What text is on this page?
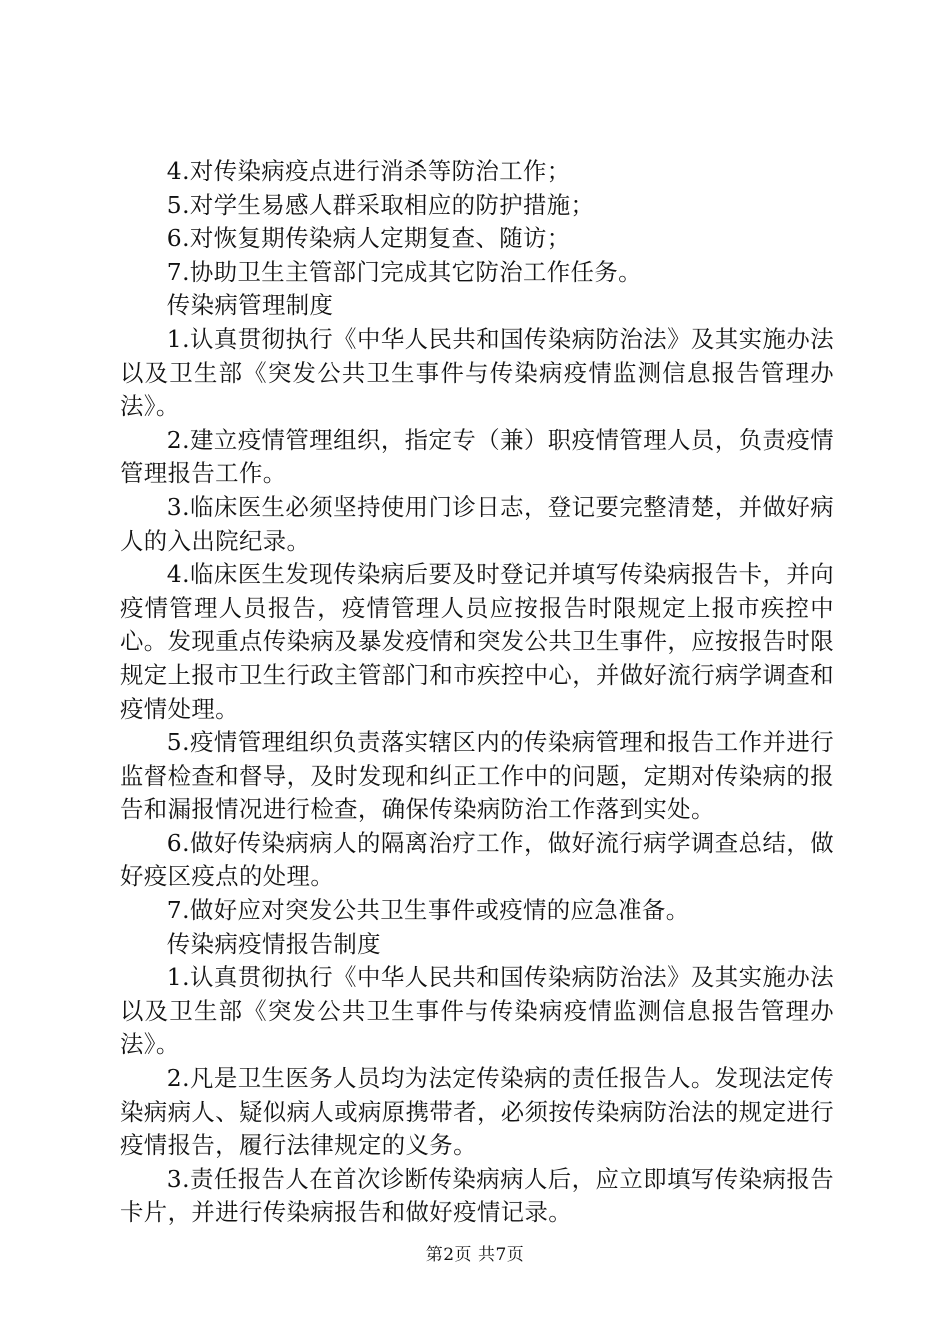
4.对传染病疫点进行消杀等防治工作；

5.对学生易感人群采取相应的防护措施；

6.对恢复期传染病人定期复查、随访；

7.协助卫生主管部门完成其它防治工作任务。

传染病管理制度

1.认真贯彻执行《中华人民共和国传染病防治法》及其实施办法以及卫生部《突发公共卫生事件与传染病疫情监测信息报告管理办法》。

2.建立疫情管理组织，指定专（兼）职疫情管理人员，负责疫情管理报告工作。

3.临床医生必须坚持使用门诊日志，登记要完整清楚，并做好病人的入出院纪录。

4.临床医生发现传染病后要及时登记并填写传染病报告卡，并向疫情管理人员报告，疫情管理人员应按报告时限规定上报市疾控中心。发现重点传染病及暴发疫情和突发公共卫生事件，应按报告时限规定上报市卫生行政主管部门和市疾控中心，并做好流行病学调查和疫情处理。

5.疫情管理组织负责落实辖区内的传染病管理和报告工作并进行监督检查和督导，及时发现和纠正工作中的问题，定期对传染病的报告和漏报情况进行检查，确保传染病防治工作落到实处。

6.做好传染病病人的隔离治疗工作，做好流行病学调查总结，做好疫区疫点的处理。

7.做好应对突发公共卫生事件或疫情的应急准备。

传染病疫情报告制度

1.认真贯彻执行《中华人民共和国传染病防治法》及其实施办法以及卫生部《突发公共卫生事件与传染病疫情监测信息报告管理办法》。

2.凡是卫生医务人员均为法定传染病的责任报告人。发现法定传染病病人、疑似病人或病原携带者，必须按传染病防治法的规定进行疫情报告，履行法律规定的义务。

3.责任报告人在首次诊断传染病病人后，应立即填写传染病报告卡片，并进行传染病报告和做好疫情记录。

第2页 共7页
